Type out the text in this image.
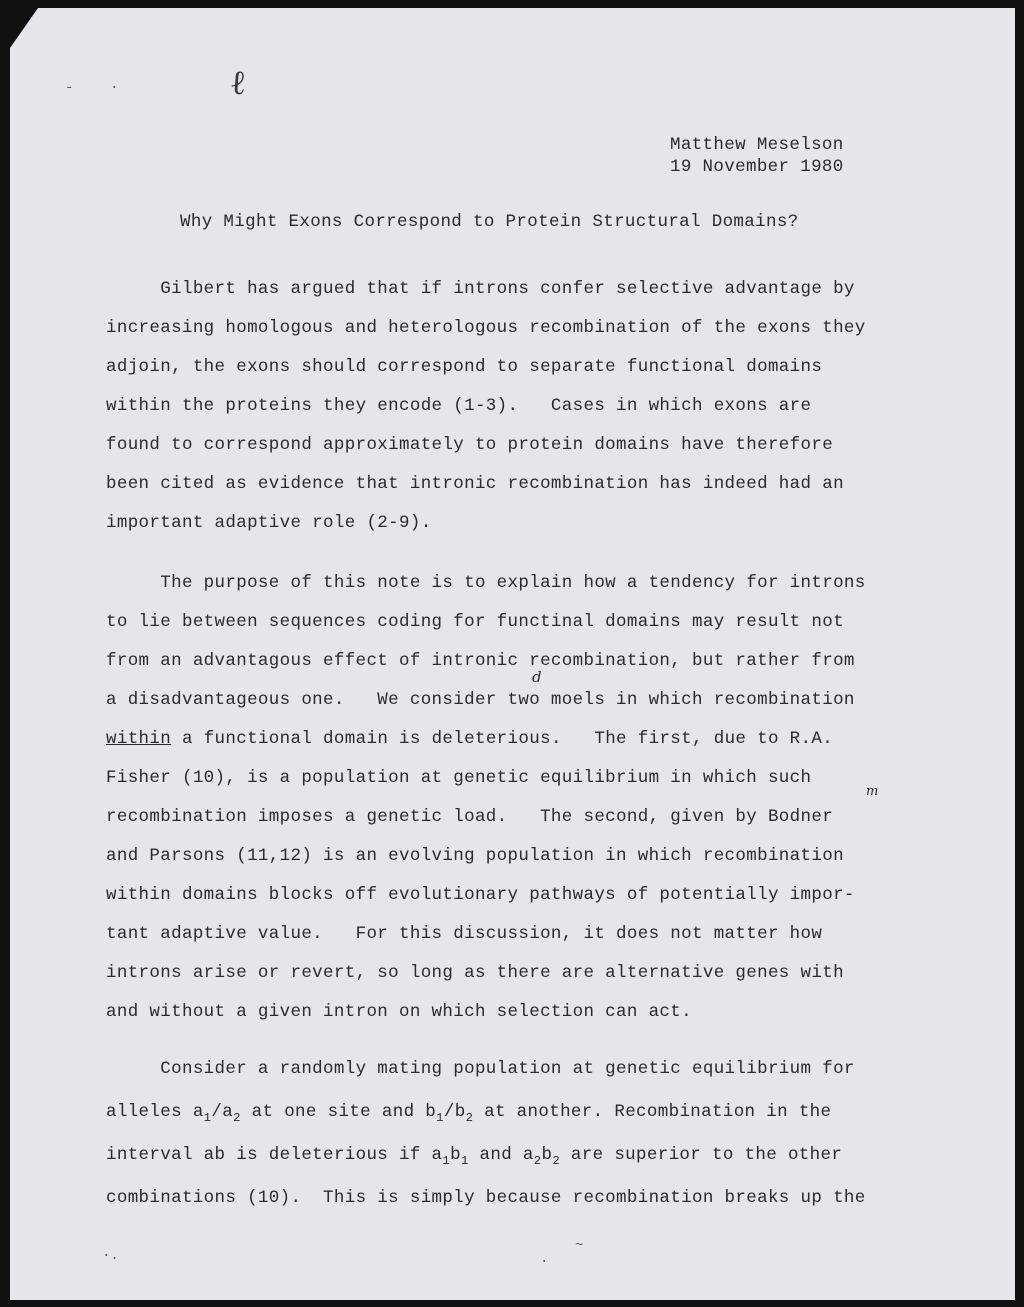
ℓ
-	·
Matthew Meselson
19 November 1980
Why Might Exons Correspond to Protein Structural Domains?
Gilbert has argued that if introns confer selective advantage by
increasing homologous and heterologous recombination of the exons they
adjoin, the exons should correspond to separate functional domains
within the proteins they encode (1-3).   Cases in which exons are
found to correspond approximately to protein domains have therefore
been cited as evidence that intronic recombination has indeed had an
important adaptive role (2-9).
d
m
The purpose of this note is to explain how a tendency for introns
to lie between sequences coding for functinal domains may result not
from an advantagous effect of intronic recombination, but rather from
a disadvantageous one.   We consider two moels in which recombination
within a functional domain is deleterious.   The first, due to R.A.
Fisher (10), is a population at genetic equilibrium in which such
recombination imposes a genetic load.   The second, given by Bodner
and Parsons (11,12) is an evolving population in which recombination
within domains blocks off evolutionary pathways of potentially impor-
tant adaptive value.   For this discussion, it does not matter how
introns arise or revert, so long as there are alternative genes with
and without a given intron on which selection can act.
Consider a randomly mating population at genetic equilibrium for
alleles $a_1/a_2$ at one site and $b_1/b_2$ at another. Recombination in the
interval ab is deleterious if $a_1b_1$ and $a_2b_2$ are superior to the other
combinations (10).  This is simply because recombination breaks up the
·.	·
~
